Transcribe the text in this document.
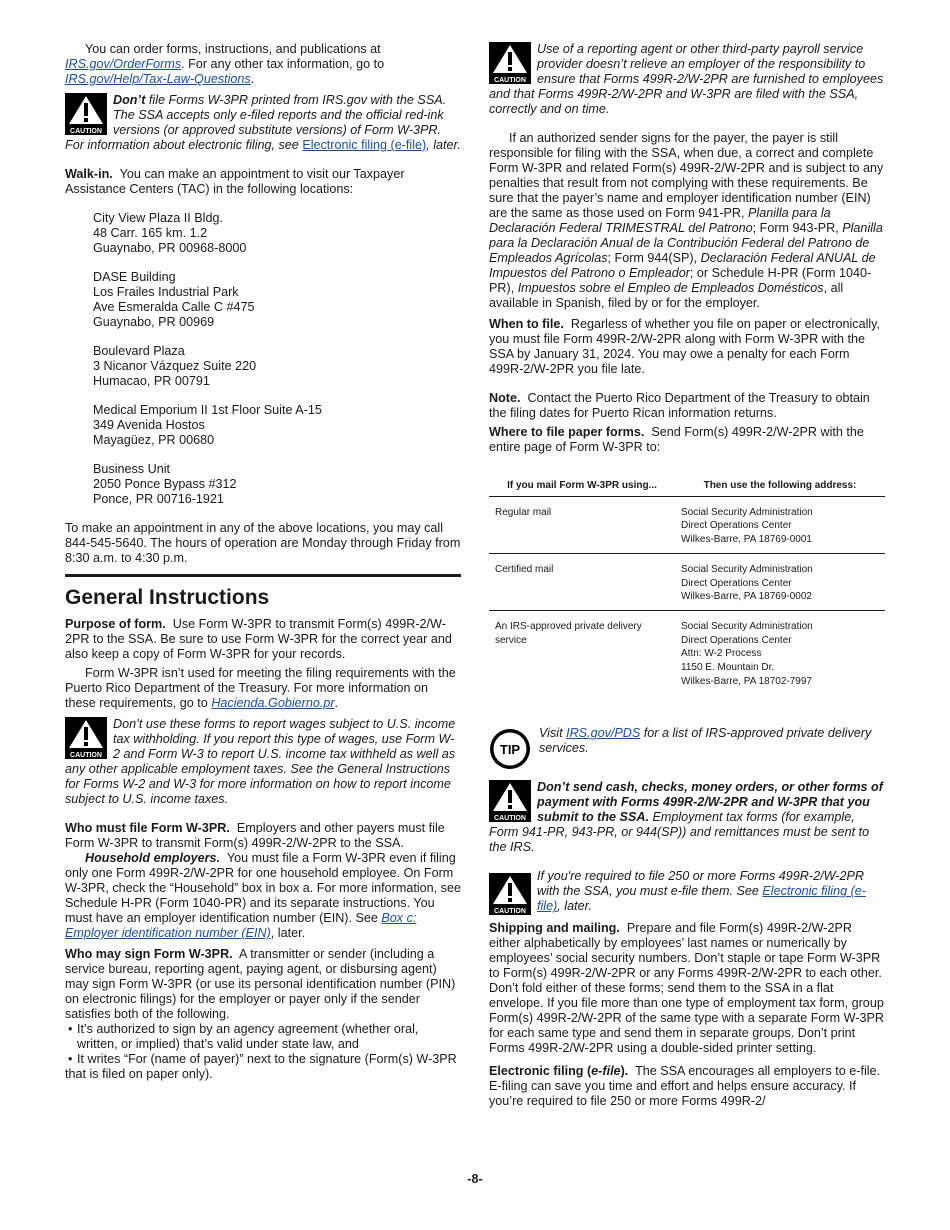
You can order forms, instructions, and publications at IRS.gov/OrderForms. For any other tax information, go to IRS.gov/Help/Tax-Law-Questions.

CAUTION

Don’t file Forms W-3PR printed from IRS.gov with the SSA. The SSA accepts only e-filed reports and the official red-ink versions (or approved substitute versions) of Form W-3PR. For information about electronic filing, see Electronic filing (e-file), later.

Walk-in. You can make an appointment to visit our Taxpayer Assistance Centers (TAC) in the following locations:

City View Plaza II Bldg.

48 Carr. 165 km. 1.2

Guaynabo, PR 00968-8000

DASE Building

Los Frailes Industrial Park

Ave Esmeralda Calle C #475

Guaynabo, PR 00969

Boulevard Plaza

3 Nicanor Vázquez Suite 220

Humacao, PR 00791

Medical Emporium II 1st Floor Suite A-15

349 Avenida Hostos

Mayagüez, PR 00680

Business Unit

2050 Ponce Bypass #312

Ponce, PR 00716-1921

To make an appointment in any of the above locations, you may call 844-545-5640. The hours of operation are Monday through Friday from 8:30 a.m. to 4:30 p.m.

General Instructions

Purpose of form. Use Form W-3PR to transmit Form(s) 499R-2/W-2PR to the SSA. Be sure to use Form W-3PR for the correct year and also keep a copy of Form W-3PR for your records.

Form W-3PR isn’t used for meeting the filing requirements with the Puerto Rico Department of the Treasury. For more information on these requirements, go to Hacienda.Gobierno.pr.

CAUTION

Don’t use these forms to report wages subject to U.S. income tax withholding. If you report this type of wages, use Form W-2 and Form W-3 to report U.S. income tax withheld as well as any other applicable employment taxes. See the General Instructions for Forms W-2 and W-3 for more information on how to report income subject to U.S. income taxes.

Who must file Form W-3PR. Employers and other payers must file Form W-3PR to transmit Form(s) 499R-2/W-2PR to the SSA.

Household employers. You must file a Form W-3PR even if filing only one Form 499R-2/W-2PR for one household employee. On Form W-3PR, check the “Household” box in box a. For more information, see Schedule H-PR (Form 1040-PR) and its separate instructions. You must have an employer identification number (EIN). See Box c: Employer identification number (EIN), later.

Who may sign Form W-3PR. A transmitter or sender (including a service bureau, reporting agent, paying agent, or disbursing agent) may sign Form W-3PR (or use its personal identification number (PIN) on electronic filings) for the employer or payer only if the sender satisfies both of the following.

• It’s authorized to sign by an agency agreement (whether oral, written, or implied) that’s valid under state law, and

• It writes “For (name of payer)” next to the signature (Form(s) W-3PR that is filed on paper only).

CAUTION

Use of a reporting agent or other third-party payroll service provider doesn’t relieve an employer of the responsibility to ensure that Forms 499R-2/W-2PR are furnished to employees and that Forms 499R-2/W-2PR and W-3PR are filed with the SSA, correctly and on time.

If an authorized sender signs for the payer, the payer is still responsible for filing with the SSA, when due, a correct and complete Form W-3PR and related Form(s) 499R-2/W-2PR and is subject to any penalties that result from not complying with these requirements. Be sure that the payer’s name and employer identification number (EIN) are the same as those used on Form 941-PR, Planilla para la Declaración Federal TRIMESTRAL del Patrono; Form 943-PR, Planilla para la Declaración Anual de la Contribución Federal del Patrono de Empleados Agrícolas; Form 944(SP), Declaración Federal ANUAL de Impuestos del Patrono o Empleador; or Schedule H-PR (Form 1040-PR), Impuestos sobre el Empleo de Empleados Domésticos, all available in Spanish, filed by or for the employer.

When to file. Regarless of whether you file on paper or electronically, you must file Form 499R-2/W-2PR along with Form W-3PR with the SSA by January 31, 2024. You may owe a penalty for each Form 499R-2/W-2PR you file late.

Note. Contact the Puerto Rico Department of the Treasury to obtain the filing dates for Puerto Rican information returns.

Where to file paper forms. Send Form(s) 499R-2/W-2PR with the entire page of Form W-3PR to:

If you mail Form W-3PR using...	Then use the following address:
Regular mail	Social Security Administration
Direct Operations Center
Wilkes-Barre, PA 18769-0001

Certified mail	Social Security Administration
Direct Operations Center
Wilkes-Barre, PA 18769-0002

An IRS-approved private delivery service	Social Security Administration
Direct Operations Center
Attn: W-2 Process
1150 E. Mountain Dr.
Wilkes-Barre, PA 18702-7997
TIP

Visit IRS.gov/PDS for a list of IRS-approved private delivery services.

CAUTION

Don’t send cash, checks, money orders, or other forms of payment with Forms 499R-2/W-2PR and W-3PR that you submit to the SSA. Employment tax forms (for example, Form 941-PR, 943-PR, or 944(SP)) and remittances must be sent to the IRS.

CAUTION

If you're required to file 250 or more Forms 499R-2/W-2PR with the SSA, you must e-file them. See Electronic filing (e-file), later.

Shipping and mailing. Prepare and file Form(s) 499R-2/W-2PR either alphabetically by employees’ last names or numerically by employees’ social security numbers. Don’t staple or tape Form W-3PR to Form(s) 499R-2/W-2PR or any Forms 499R-2/W-2PR to each other. Don’t fold either of these forms; send them to the SSA in a flat envelope. If you file more than one type of employment tax form, group Form(s) 499R-2/W-2PR of the same type with a separate Form W-3PR for each same type and send them in separate groups. Don’t print Forms 499R-2/W-2PR using a double-sided printer setting.

Electronic filing (e-file). The SSA encourages all employers to e-file. E-filing can save you time and effort and helps ensure accuracy. If you’re required to file 250 or more Forms 499R-2/

-8-
